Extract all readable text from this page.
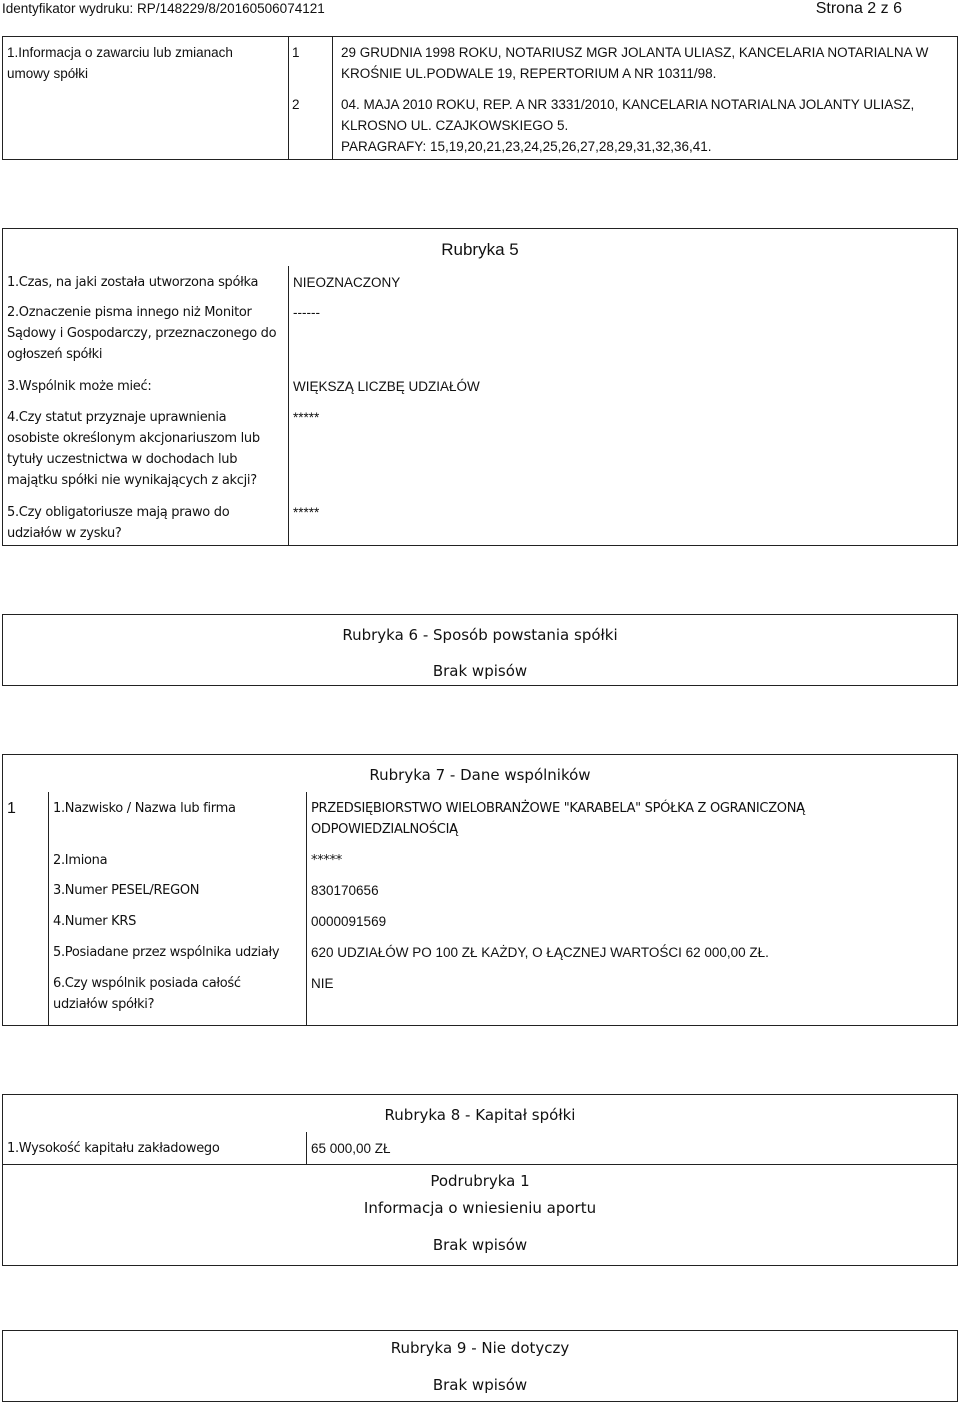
Identyfikator wydruku: RP/148229/8/20160506074121	Strona 2 z 6
1.Informacja o zawarciu lub zmianach
umowy spółki
1	29 GRUDNIA 1998 ROKU, NOTARIUSZ MGR JOLANTA ULIASZ, KANCELARIA NOTARIALNA W
KROŚNIE UL.PODWALE 19, REPERTORIUM A NR 10311/98.
2	04. MAJA 2010 ROKU, REP. A NR 3331/2010, KANCELARIA NOTARIALNA JOLANTY ULIASZ,
KLROSNO UL. CZAJKOWSKIEGO 5.
PARAGRAFY: 15,19,20,21,23,24,25,26,27,28,29,31,32,36,41.
Rubryka 5
1.Czas, na jaki została utworzona spółka	NIEOZNACZONY
2.Oznaczenie pisma innego niż Monitor
Sądowy i Gospodarczy, przeznaczonego do
ogłoszeń spółki
------
3.Wspólnik może mieć:	WIĘKSZĄ LICZBĘ UDZIAŁÓW
4.Czy statut przyznaje uprawnienia
osobiste określonym akcjonariuszom lub
tytuły uczestnictwa w dochodach lub
majątku spółki nie wynikających z akcji?
*****
5.Czy obligatoriusze mają prawo do
udziałów w zysku?
*****
Rubryka 6 - Sposób powstania spółki
Brak wpisów
Rubryka 7 - Dane wspólników
1	1.Nazwisko / Nazwa lub firma	PRZEDSIĘBIORSTWO WIELOBRANŻOWE "KARABELA" SPÓŁKA Z OGRANICZONĄ
ODPOWIEDZIALNOŚCIĄ
2.Imiona	*****
3.Numer PESEL/REGON	830170656
4.Numer KRS	0000091569
5.Posiadane przez wspólnika udziały 620 UDZIAŁÓW PO 100 ZŁ KAŻDY, O ŁĄCZNEJ WARTOŚCI 62 000,00 ZŁ.
6.Czy wspólnik posiada całość
udziałów spółki?
NIE
Rubryka 8 - Kapitał spółki
1.Wysokość kapitału zakładowego	65 000,00 ZŁ
Podrubryka 1
Informacja o wniesieniu aportu
Brak wpisów
Rubryka 9 - Nie dotyczy
Brak wpisów
